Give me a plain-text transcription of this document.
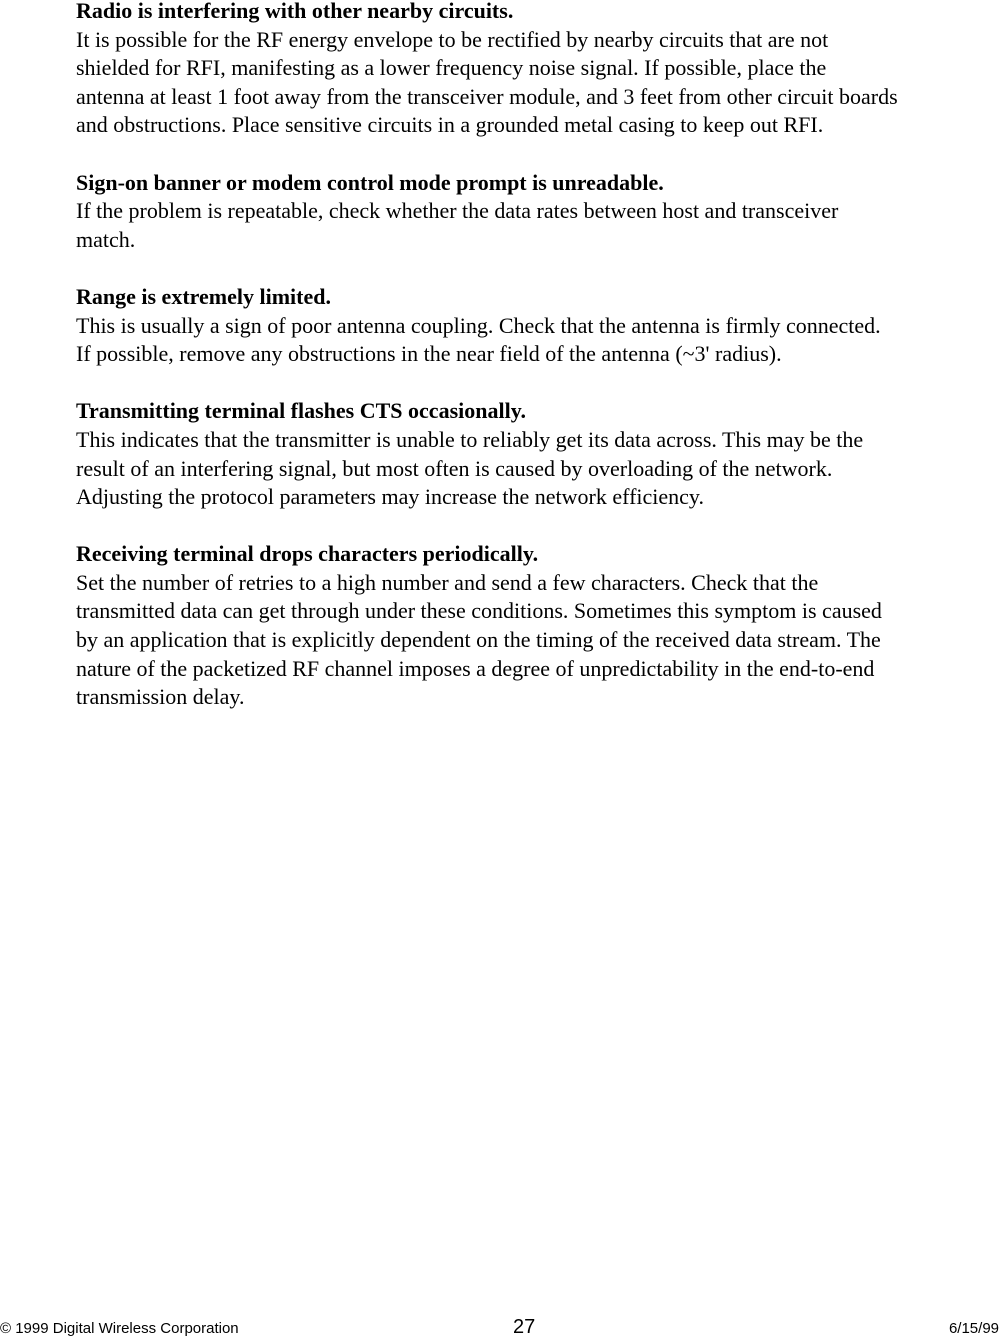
Radio is interfering with other nearby circuits.
It is possible for the RF energy envelope to be rectified by nearby circuits that are not
shielded for RFI, manifesting as a lower frequency noise signal. If possible, place the
antenna at least 1 foot away from the transceiver module, and 3 feet from other circuit boards
and obstructions. Place sensitive circuits in a grounded metal casing to keep out RFI.
Sign-on banner or modem control mode prompt is unreadable.
If the problem is repeatable, check whether the data rates between host and transceiver
match.
Range is extremely limited.
This is usually a sign of poor antenna coupling. Check that the antenna is firmly connected.
If possible, remove any obstructions in the near field of the antenna (~3' radius).
Transmitting terminal flashes CTS occasionally.
This indicates that the transmitter is unable to reliably get its data across. This may be the
result of an interfering signal, but most often is caused by overloading of the network.
Adjusting the protocol parameters may increase the network efficiency.
Receiving terminal drops characters periodically.
Set the number of retries to a high number and send a few characters. Check that the
transmitted data can get through under these conditions. Sometimes this symptom is caused
by an application that is explicitly dependent on the timing of the received data stream. The
nature of the packetized RF channel imposes a degree of unpredictability in the end-to-end
transmission delay.
© 1999 Digital Wireless Corporation	27	6/15/99
